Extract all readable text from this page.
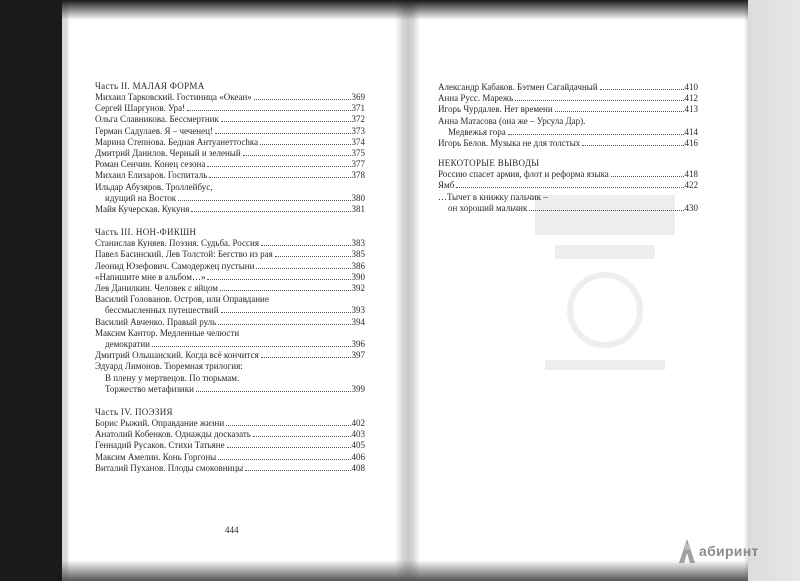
Часть II. МАЛАЯ ФОРМА
Михаил Тарковский. Гостиница «Океан»	369
Сергей Шаргунов. Ура!	371
Ольга Славникова. Бессмертник	372
Герман Садулаев. Я – чеченец!	373
Марина Степнова. Бедная Антуанеттоchка	374
Дмитрий Данилов. Черный и зеленый	375
Роман Сенчин. Конец сезона	377
Михаил Елизаров. Госпиталь	378
Ильдар Абузяров. Троллейбус,
идущий на Восток	380
Майя Кучерская. Кукуня	381
Часть III. НОН-ФИКШН
Станислав Куняев. Поэзия. Судьба. Россия	383
Павел Басинский. Лев Толстой: Бегство из рая	385
Леонид Юзефович. Самодержец пустыни	386
«Напишите мне в альбом…»	390
Лев Данилкин. Человек с яйцом	392
Василий Голованов. Остров, или Оправдание
бессмысленных путешествий	393
Василий Авченко. Правый руль	394
Максим Кантор. Медленные челюсти
демократии	396
Дмитрий Ольшанский. Когда всё кончится	397
Эдуард Лимонов. Тюремная трилогия:
В плену у мертвецов. По тюрьмам.
Торжество метафизики	399
Часть IV. ПОЭЗИЯ
Борис Рыжий. Оправдание жизни	402
Анатолий Кобенков. Однажды досказать	403
Геннадий Русаков. Стихи Татьяне	405
Максим Амелин. Конь Горгоны	406
Виталий Пуханов. Плоды смоковницы	408
444
Александр Кабаков. Бэтмен Сагайдачный	410
Анна Русс. Марежь	412
Игорь Чурдалев. Нет времени	413
Анна Матасова (она же – Урсула Дар).
Медвежья гора	414
Игорь Белов. Музыка не для толстых	416
НЕКОТОРЫЕ ВЫВОДЫ
Россию спасет армия, флот и реформа языка	418
Ямб	422
…Тычет в книжку пальчик –
он хороший мальчик	430
абиринт
